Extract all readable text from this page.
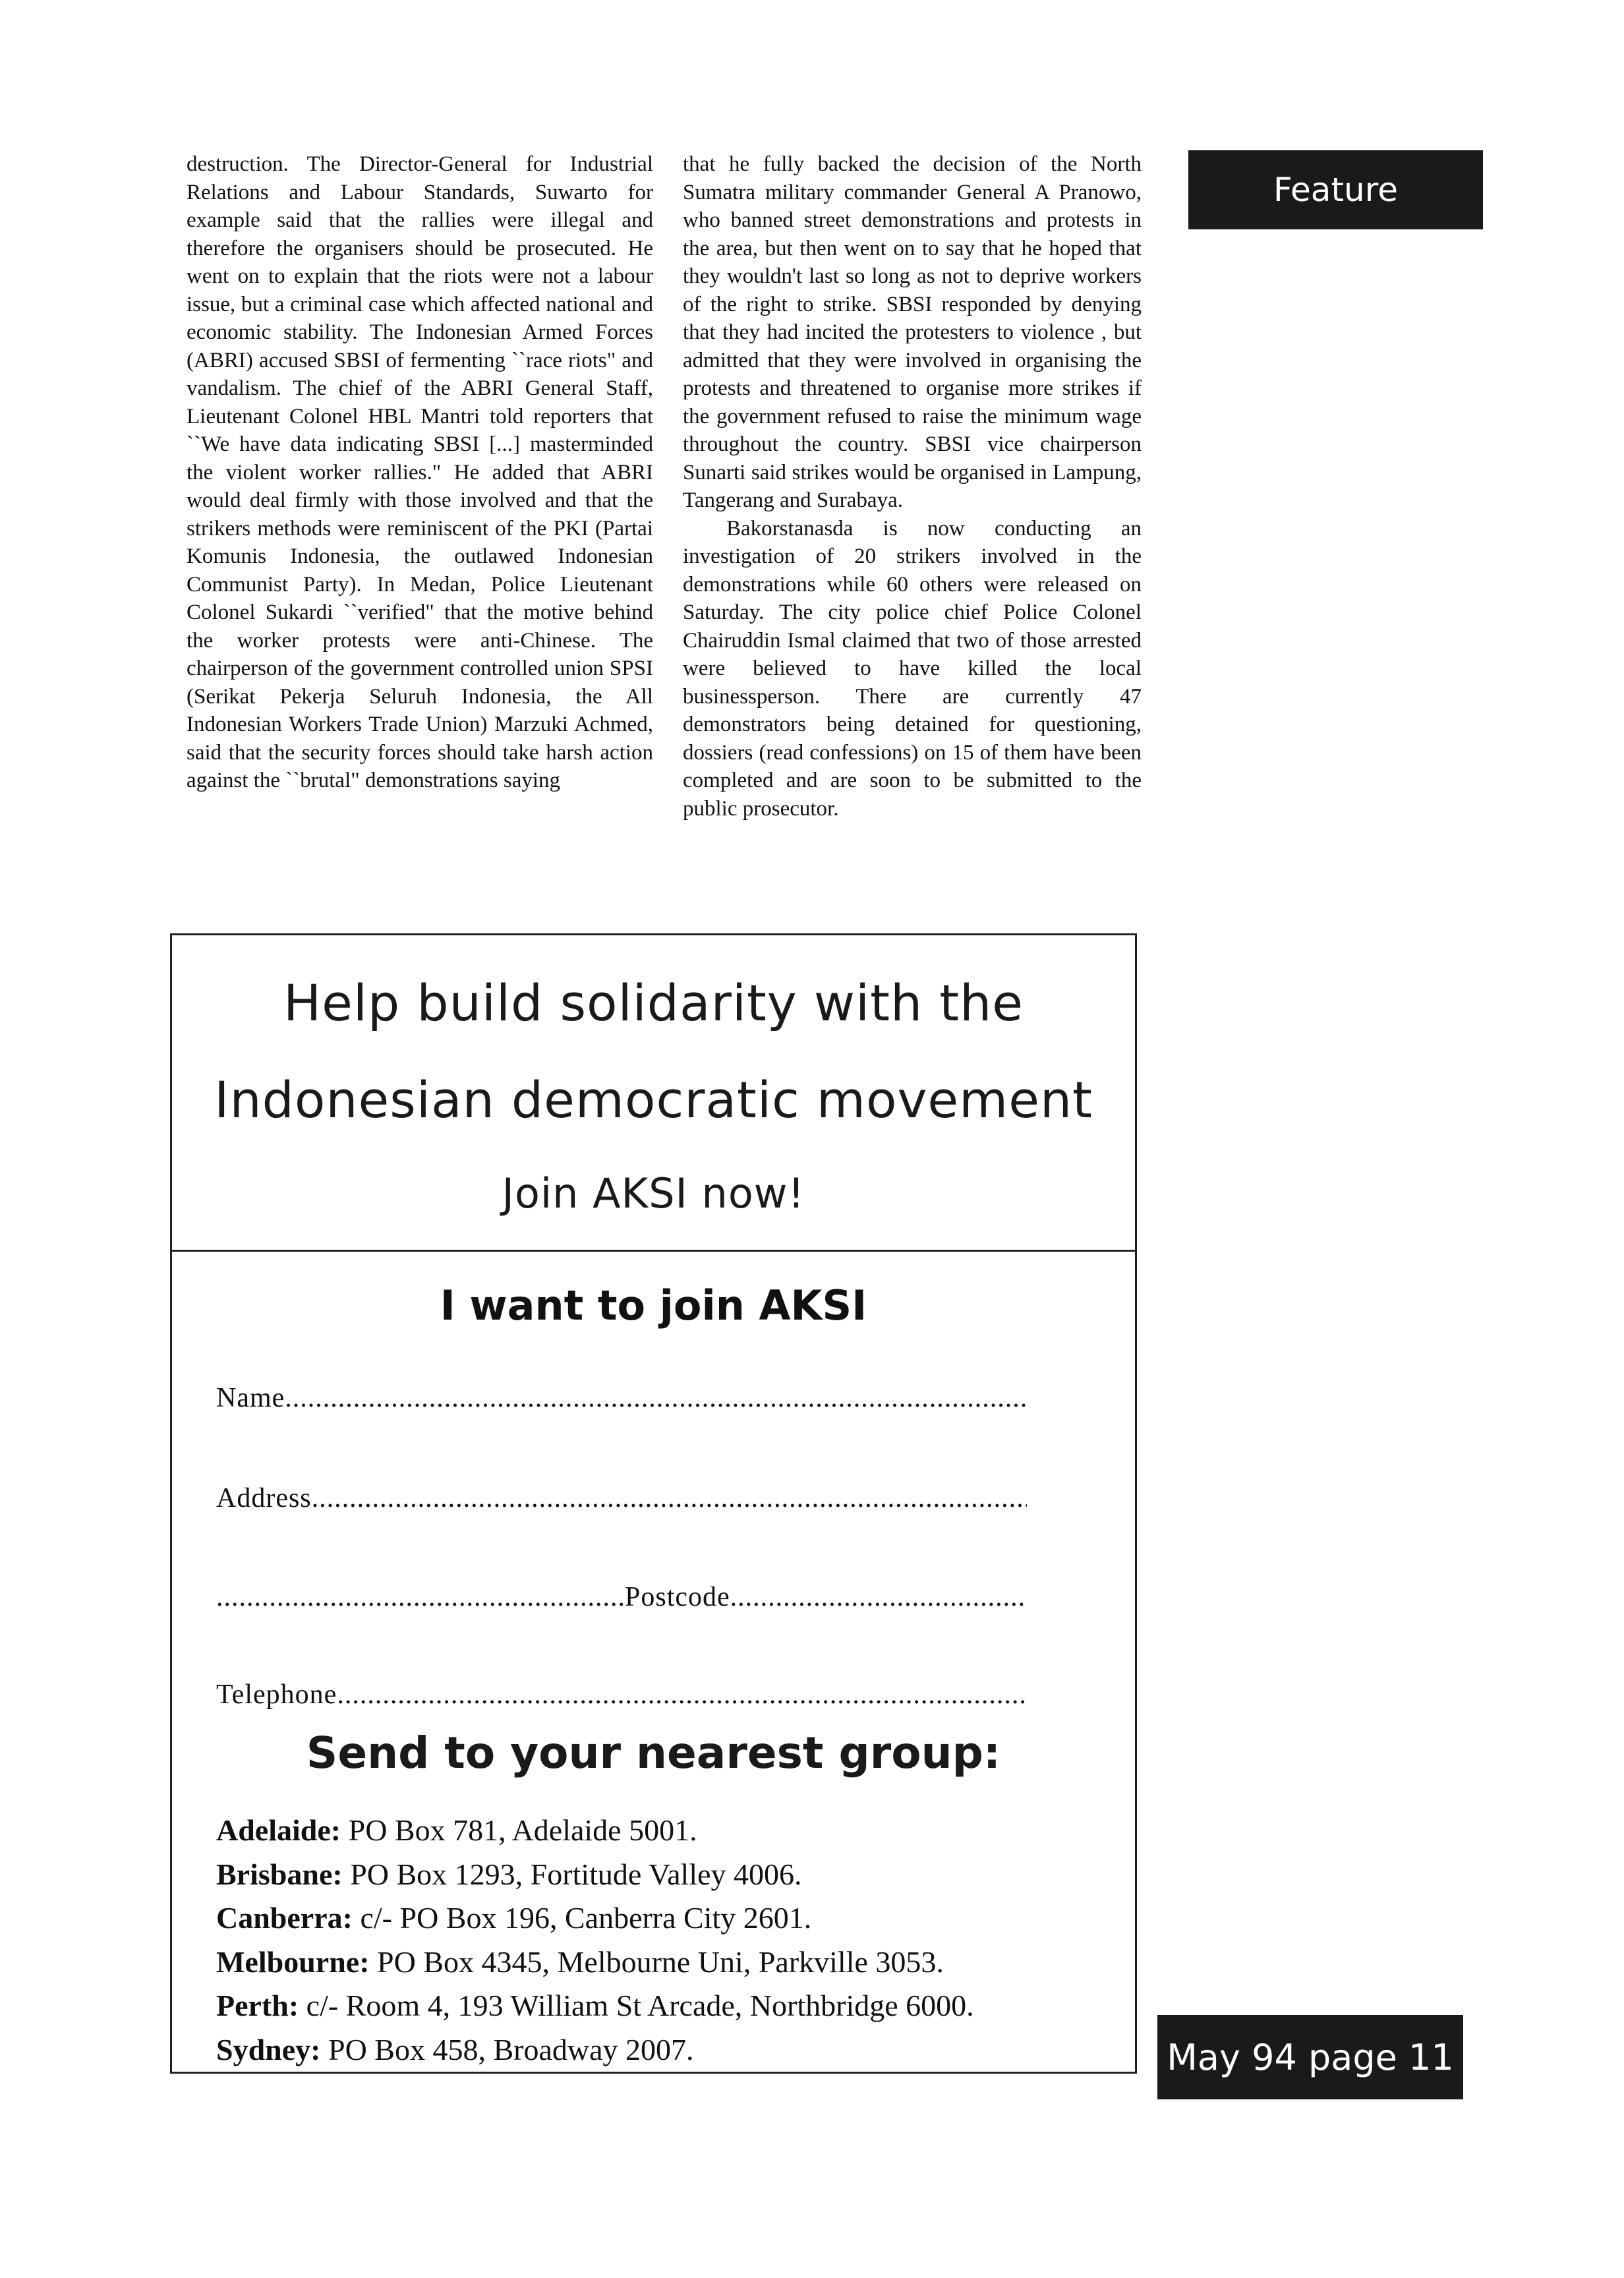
destruction. The Director-General for Industrial Relations and Labour Standards, Suwarto for example said that the rallies were illegal and therefore the organisers should be prosecuted. He went on to explain that the riots were not a labour issue, but a criminal case which affected national and economic stability. The Indonesian Armed Forces (ABRI) accused SBSI of fermenting ``race riots" and vandalism. The chief of the ABRI General Staff, Lieutenant Colonel HBL Mantri told reporters that ``We have data indicating SBSI [...] masterminded the violent worker rallies." He added that ABRI would deal firmly with those involved and that the strikers methods were reminiscent of the PKI (Partai Komunis Indonesia, the outlawed Indonesian Communist Party). In Medan, Police Lieutenant Colonel Sukardi ``verified" that the motive behind the worker protests were anti-Chinese. The chairperson of the government controlled union SPSI (Serikat Pekerja Seluruh Indonesia, the All Indonesian Workers Trade Union) Marzuki Achmed, said that the security forces should take harsh action against the ``brutal" demonstrations saying

that he fully backed the decision of the North Sumatra military commander General A Pranowo, who banned street demonstrations and protests in the area, but then went on to say that he hoped that they wouldn't last so long as not to deprive workers of the right to strike. SBSI responded by denying that they had incited the protesters to violence , but admitted that they were involved in organising the protests and threatened to organise more strikes if the government refused to raise the minimum wage throughout the country. SBSI vice chairperson Sunarti said strikes would be organised in Lampung, Tangerang and Surabaya.

Bakorstanasda is now conducting an investigation of 20 strikers involved in the demonstrations while 60 others were released on Saturday. The city police chief Police Colonel Chairuddin Ismal claimed that two of those arrested were believed to have killed the local businessperson. There are currently 47 demonstrators being detained for questioning, dossiers (read confessions) on 15 of them have been completed and are soon to be submitted to the public prosecutor.

Feature
Help build solidarity with the
Indonesian democratic movement
Join AKSI now!
I want to join AKSI
Name
.....
Address
.....
.....
Postcode
.....
Telephone
.....
Send to your nearest group:
Adelaide: PO Box 781, Adelaide 5001.
Brisbane: PO Box 1293, Fortitude Valley 4006.
Canberra: c/- PO Box 196, Canberra City 2601.
Melbourne: PO Box 4345, Melbourne Uni, Parkville 3053.
Perth: c/- Room 4, 193 William St Arcade, Northbridge 6000.
Sydney: PO Box 458, Broadway 2007.	May 94 page 11
